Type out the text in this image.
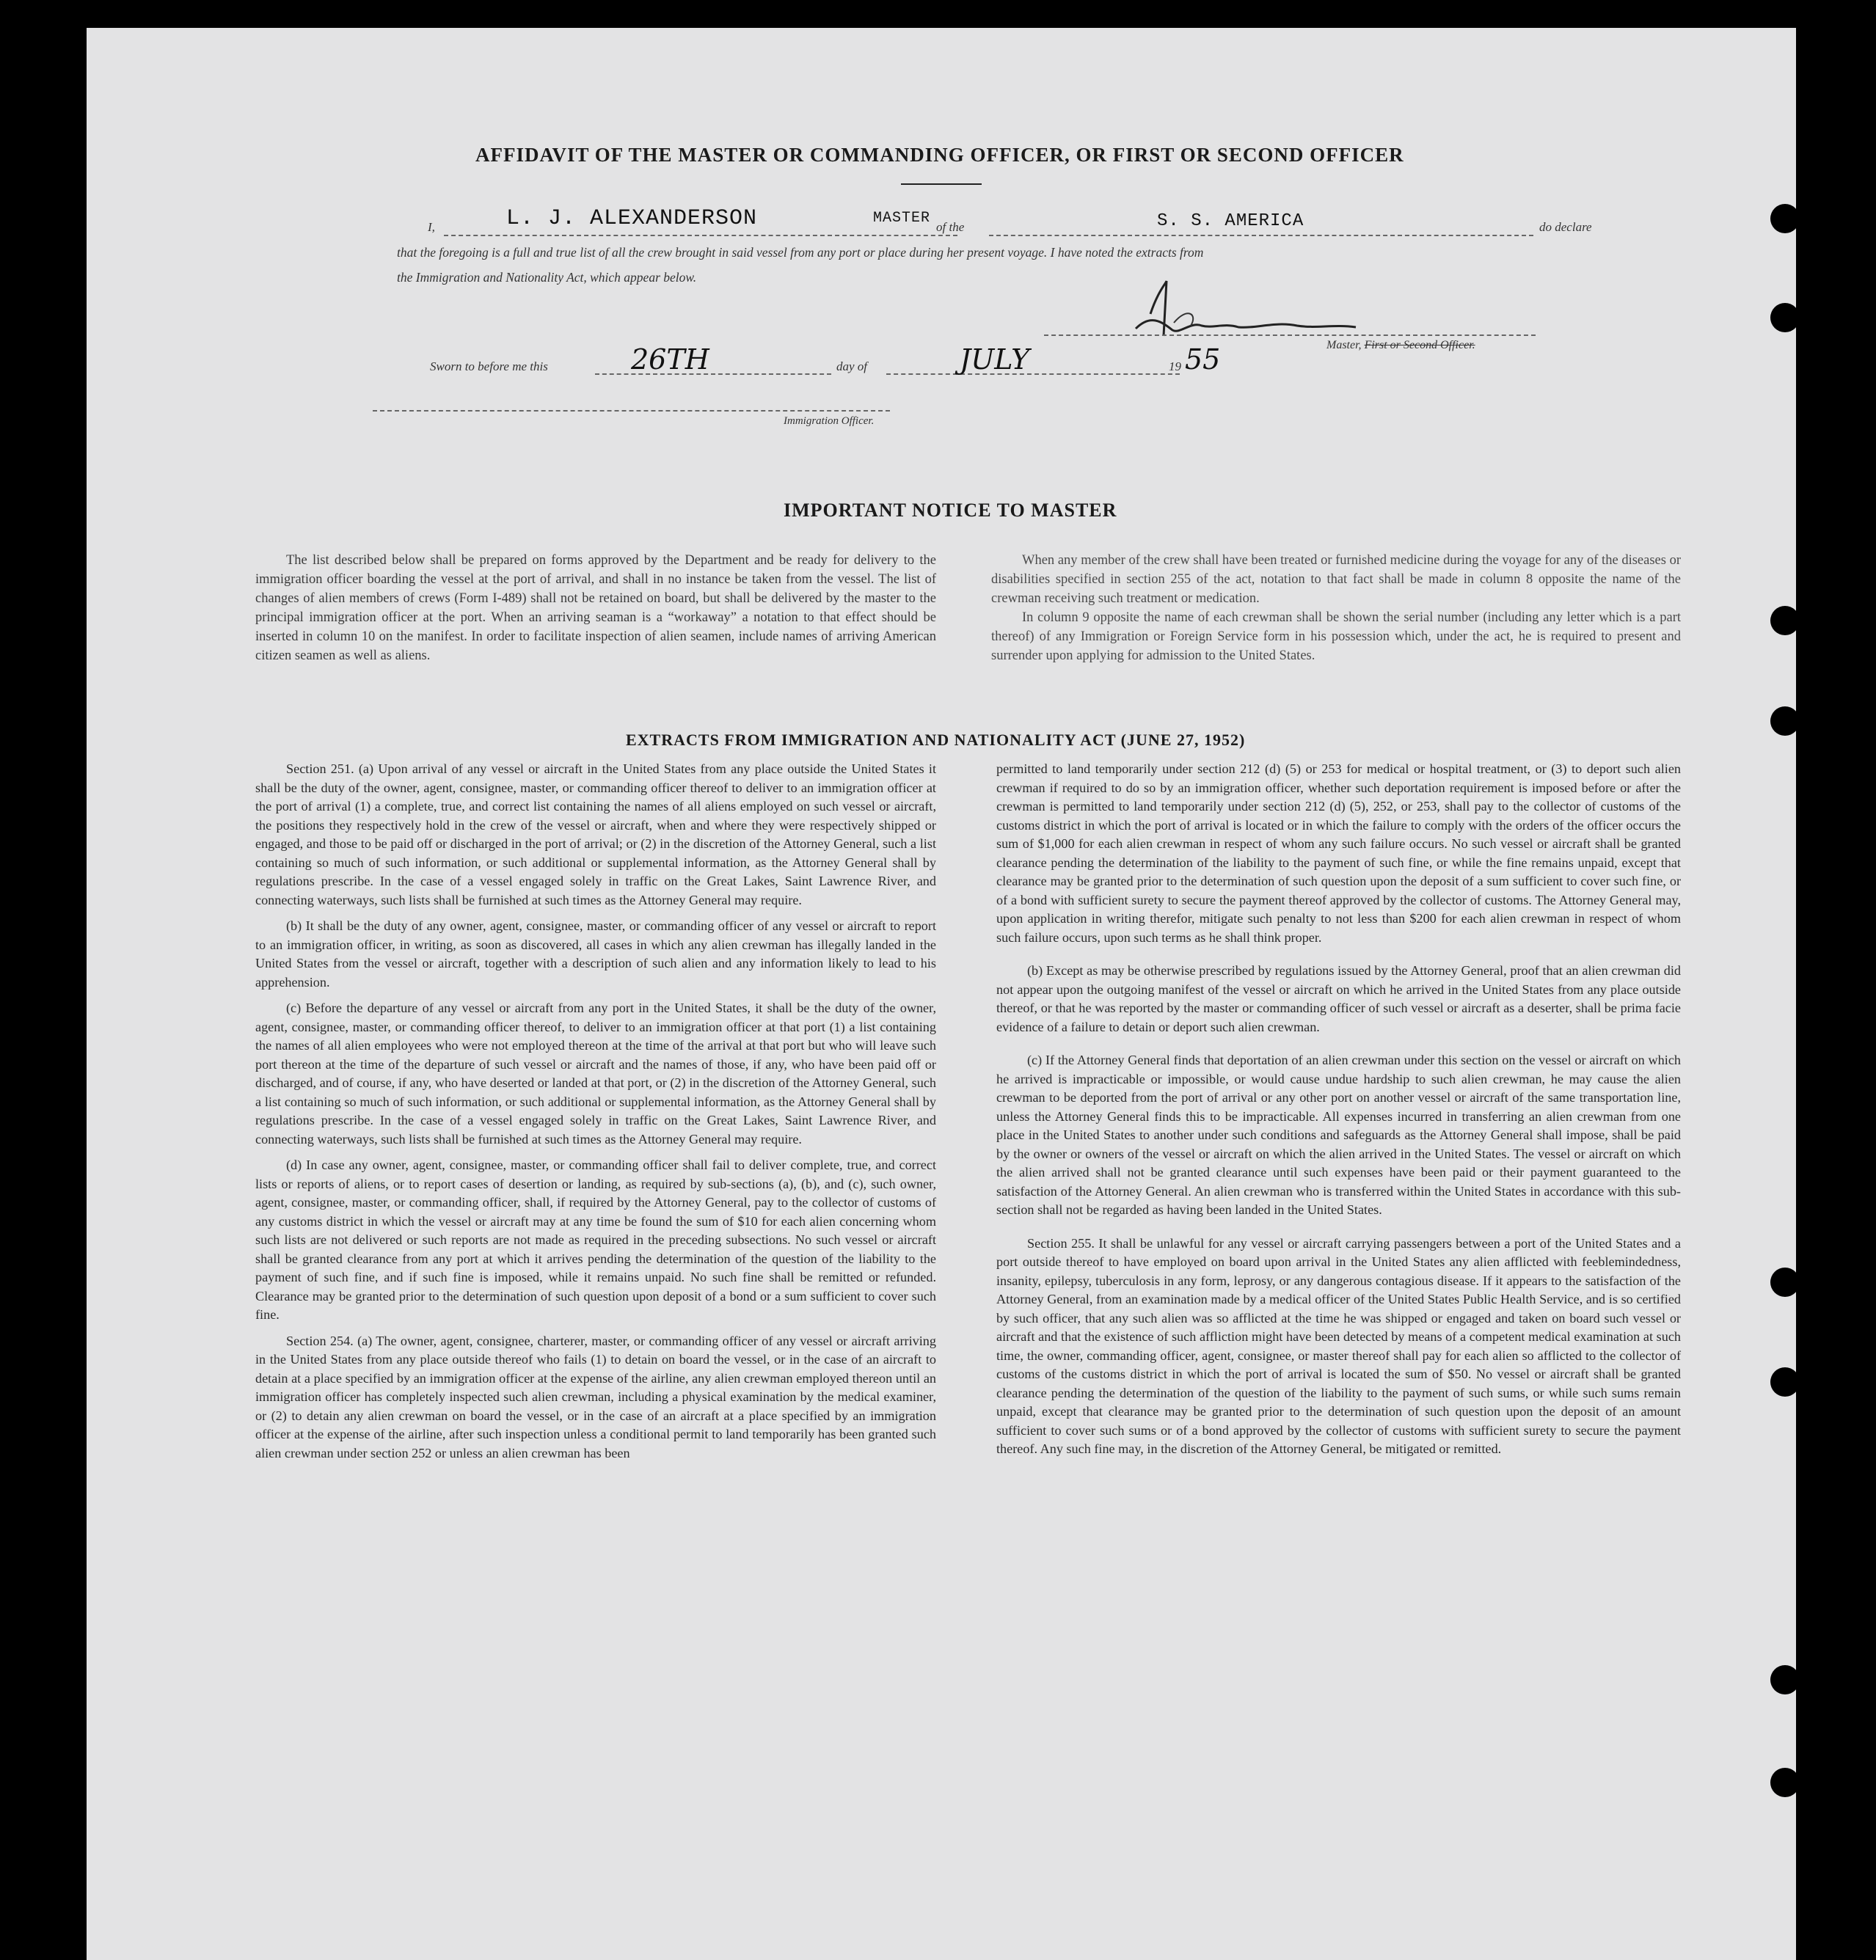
AFFIDAVIT OF THE MASTER OR COMMANDING OFFICER, OR FIRST OR SECOND OFFICER
I,	L. J. ALEXANDERSON	MASTER
of the	S. S. AMERICA	do declare
that the foregoing is a full and true list of all the crew brought in said vessel from any port or place during her present voyage. I have noted the extracts from
the Immigration and Nationality Act, which appear below.
Master, First or Second Officer.
Sworn to before me this	26TH	day of	JULY	19 55
Immigration Officer.
IMPORTANT NOTICE TO MASTER

The list described below shall be prepared on forms approved by the Department and be ready for delivery to the immigration officer boarding the vessel at the port of arrival, and shall in no instance be taken from the vessel. The list of changes of alien members of crews (Form I-489) shall not be retained on board, but shall be delivered by the master to the principal immigration officer at the port. When an arriving seaman is a “workaway” a notation to that effect should be inserted in column 10 on the manifest. In order to facilitate inspection of alien seamen, include names of arriving American citizen seamen as well as aliens.

When any member of the crew shall have been treated or furnished medicine during the voyage for any of the diseases or disabilities specified in section 255 of the act, notation to that fact shall be made in column 8 opposite the name of the crewman receiving such treatment or medication.

In column 9 opposite the name of each crewman shall be shown the serial number (including any letter which is a part thereof) of any Immigration or Foreign Service form in his possession which, under the act, he is required to present and surrender upon applying for admission to the United States.

EXTRACTS FROM IMMIGRATION AND NATIONALITY ACT (JUNE 27, 1952)

Section 251. (a) Upon arrival of any vessel or aircraft in the United States from any place outside the United States it shall be the duty of the owner, agent, consignee, master, or commanding officer thereof to deliver to an immigration officer at the port of arrival (1) a complete, true, and correct list containing the names of all aliens employed on such vessel or aircraft, the positions they respectively hold in the crew of the vessel or aircraft, when and where they were respectively shipped or engaged, and those to be paid off or discharged in the port of arrival; or (2) in the discretion of the Attorney General, such a list containing so much of such information, or such additional or supplemental information, as the Attorney General shall by regulations prescribe. In the case of a vessel engaged solely in traffic on the Great Lakes, Saint Lawrence River, and connecting waterways, such lists shall be furnished at such times as the Attorney General may require.

(b) It shall be the duty of any owner, agent, consignee, master, or commanding officer of any vessel or aircraft to report to an immigration officer, in writing, as soon as discovered, all cases in which any alien crewman has illegally landed in the United States from the vessel or aircraft, together with a description of such alien and any information likely to lead to his apprehension.

(c) Before the departure of any vessel or aircraft from any port in the United States, it shall be the duty of the owner, agent, consignee, master, or commanding officer thereof, to deliver to an immigration officer at that port (1) a list containing the names of all alien employees who were not employed thereon at the time of the arrival at that port but who will leave such port thereon at the time of the departure of such vessel or aircraft and the names of those, if any, who have been paid off or discharged, and of course, if any, who have deserted or landed at that port, or (2) in the discretion of the Attorney General, such a list containing so much of such information, or such additional or supplemental information, as the Attorney General shall by regulations prescribe. In the case of a vessel engaged solely in traffic on the Great Lakes, Saint Lawrence River, and connecting waterways, such lists shall be furnished at such times as the Attorney General may require.

(d) In case any owner, agent, consignee, master, or commanding officer shall fail to deliver complete, true, and correct lists or reports of aliens, or to report cases of desertion or landing, as required by sub-sections (a), (b), and (c), such owner, agent, consignee, master, or commanding officer, shall, if required by the Attorney General, pay to the collector of customs of any customs district in which the vessel or aircraft may at any time be found the sum of $10 for each alien concerning whom such lists are not delivered or such reports are not made as required in the preceding subsections. No such vessel or aircraft shall be granted clearance from any port at which it arrives pending the determination of the question of the liability to the payment of such fine, and if such fine is imposed, while it remains unpaid. No such fine shall be remitted or refunded. Clearance may be granted prior to the determination of such question upon deposit of a bond or a sum sufficient to cover such fine.

Section 254. (a) The owner, agent, consignee, charterer, master, or commanding officer of any vessel or aircraft arriving in the United States from any place outside thereof who fails (1) to detain on board the vessel, or in the case of an aircraft to detain at a place specified by an immigration officer at the expense of the airline, any alien crewman employed thereon until an immigration officer has completely inspected such alien crewman, including a physical examination by the medical examiner, or (2) to detain any alien crewman on board the vessel, or in the case of an aircraft at a place specified by an immigration officer at the expense of the airline, after such inspection unless a conditional permit to land temporarily has been granted such alien crewman under section 252 or unless an alien crewman has been

permitted to land temporarily under section 212 (d) (5) or 253 for medical or hospital treatment, or (3) to deport such alien crewman if required to do so by an immigration officer, whether such deportation requirement is imposed before or after the crewman is permitted to land temporarily under section 212 (d) (5), 252, or 253, shall pay to the collector of customs of the customs district in which the port of arrival is located or in which the failure to comply with the orders of the officer occurs the sum of $1,000 for each alien crewman in respect of whom any such failure occurs. No such vessel or aircraft shall be granted clearance pending the determination of the liability to the payment of such fine, or while the fine remains unpaid, except that clearance may be granted prior to the determination of such question upon the deposit of a sum sufficient to cover such fine, or of a bond with sufficient surety to secure the payment thereof approved by the collector of customs. The Attorney General may, upon application in writing therefor, mitigate such penalty to not less than $200 for each alien crewman in respect of whom such failure occurs, upon such terms as he shall think proper.

(b) Except as may be otherwise prescribed by regulations issued by the Attorney General, proof that an alien crewman did not appear upon the outgoing manifest of the vessel or aircraft on which he arrived in the United States from any place outside thereof, or that he was reported by the master or commanding officer of such vessel or aircraft as a deserter, shall be prima facie evidence of a failure to detain or deport such alien crewman.

(c) If the Attorney General finds that deportation of an alien crewman under this section on the vessel or aircraft on which he arrived is impracticable or impossible, or would cause undue hardship to such alien crewman, he may cause the alien crewman to be deported from the port of arrival or any other port on another vessel or aircraft of the same transportation line, unless the Attorney General finds this to be impracticable. All expenses incurred in transferring an alien crewman from one place in the United States to another under such conditions and safeguards as the Attorney General shall impose, shall be paid by the owner or owners of the vessel or aircraft on which the alien arrived in the United States. The vessel or aircraft on which the alien arrived shall not be granted clearance until such expenses have been paid or their payment guaranteed to the satisfaction of the Attorney General. An alien crewman who is transferred within the United States in accordance with this sub-section shall not be regarded as having been landed in the United States.

Section 255. It shall be unlawful for any vessel or aircraft carrying passengers between a port of the United States and a port outside thereof to have employed on board upon arrival in the United States any alien afflicted with feeblemindedness, insanity, epilepsy, tuberculosis in any form, leprosy, or any dangerous contagious disease. If it appears to the satisfaction of the Attorney General, from an examination made by a medical officer of the United States Public Health Service, and is so certified by such officer, that any such alien was so afflicted at the time he was shipped or engaged and taken on board such vessel or aircraft and that the existence of such affliction might have been detected by means of a competent medical examination at such time, the owner, commanding officer, agent, consignee, or master thereof shall pay for each alien so afflicted to the collector of customs of the customs district in which the port of arrival is located the sum of $50. No vessel or aircraft shall be granted clearance pending the determination of the question of the liability to the payment of such sums, or while such sums remain unpaid, except that clearance may be granted prior to the determination of such question upon the deposit of an amount sufficient to cover such sums or of a bond approved by the collector of customs with sufficient surety to secure the payment thereof. Any such fine may, in the discretion of the Attorney General, be mitigated or remitted.
